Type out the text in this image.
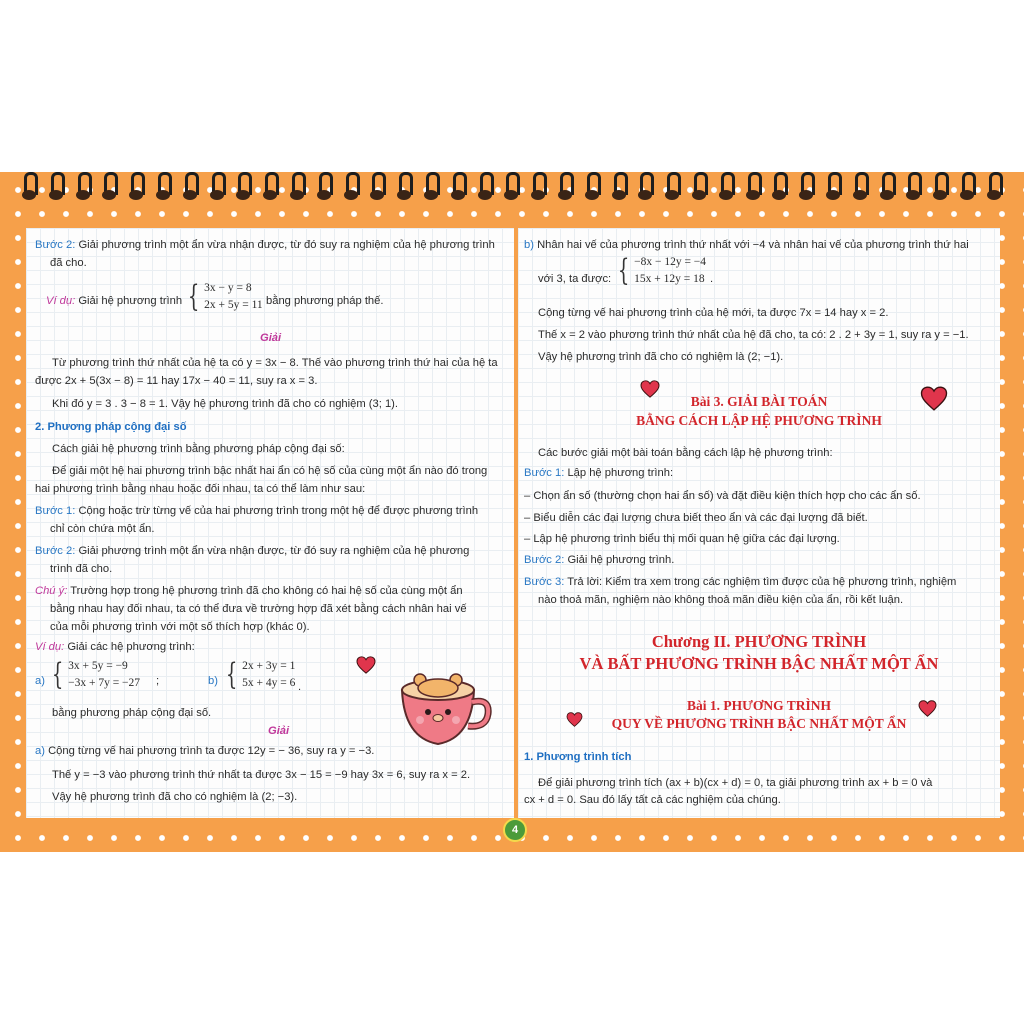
Bước 2: Giải phương trình một ẩn vừa nhận được, từ đó suy ra nghiệm của hệ phương trình
đã cho.
Ví dụ: Giải hệ phương trình { 3x − y = 8
2x + 5y = 11 bằng phương pháp thế.
Giải
Từ phương trình thứ nhất của hệ ta có y = 3x − 8. Thế vào phương trình thứ hai của hệ ta
được 2x + 5(3x − 8) = 11 hay 17x − 40 = 11, suy ra x = 3.
Khi đó y = 3 . 3 − 8 = 1. Vậy hệ phương trình đã cho có nghiệm (3; 1).
2. Phương pháp cộng đại số
Cách giải hệ phương trình bằng phương pháp cộng đại số:
Để giải một hệ hai phương trình bậc nhất hai ẩn có hệ số của cùng một ẩn nào đó trong
hai phương trình bằng nhau hoặc đối nhau, ta có thể làm như sau:
Bước 1: Cộng hoặc trừ từng vế của hai phương trình trong một hệ để được phương trình
chỉ còn chứa một ẩn.
Bước 2: Giải phương trình một ẩn vừa nhận được, từ đó suy ra nghiệm của hệ phương
trình đã cho.
Chú ý: Trường hợp trong hệ phương trình đã cho không có hai hệ số của cùng một ẩn
bằng nhau hay đối nhau, ta có thể đưa về trường hợp đã xét bằng cách nhân hai vế
của mỗi phương trình với một số thích hợp (khác 0).
Ví dụ: Giải các hệ phương trình:
a) { 3x + 5y = −9
−3x + 7y = −27 ;	b) { 2x + 3y = 1
5x + 4y = 6 .
bằng phương pháp cộng đại số.
Giải
a) Cộng từng vế hai phương trình ta được 12y = − 36, suy ra y = −3.
Thế y = −3 vào phương trình thứ nhất ta được 3x − 15 = −9 hay 3x = 6, suy ra x = 2.
Vậy hệ phương trình đã cho có nghiệm là (2; −3).
b) Nhân hai vế của phương trình thứ nhất với −4 và nhân hai vế của phương trình thứ hai
với 3, ta được: { −8x − 12y = −4
15x + 12y = 18 .
Cộng từng vế hai phương trình của hệ mới, ta được 7x = 14 hay x = 2.
Thế x = 2 vào phương trình thứ nhất của hệ đã cho, ta có: 2 . 2 + 3y = 1, suy ra y = −1.
Vậy hệ phương trình đã cho có nghiệm là (2; −1).
Bài 3. GIẢI BÀI TOÁN
BẰNG CÁCH LẬP HỆ PHƯƠNG TRÌNH
Các bước giải một bài toán bằng cách lập hệ phương trình:
Bước 1: Lập hệ phương trình:
– Chọn ẩn số (thường chọn hai ẩn số) và đặt điều kiện thích hợp cho các ẩn số.
– Biểu diễn các đại lượng chưa biết theo ẩn và các đại lượng đã biết.
– Lập hệ phương trình biểu thị mối quan hệ giữa các đại lượng.
Bước 2: Giải hệ phương trình.
Bước 3: Trả lời: Kiểm tra xem trong các nghiệm tìm được của hệ phương trình, nghiệm
nào thoả mãn, nghiệm nào không thoả mãn điều kiện của ẩn, rồi kết luận.
Chương II. PHƯƠNG TRÌNH
VÀ BẤT PHƯƠNG TRÌNH BẬC NHẤT MỘT ẨN
Bài 1. PHƯƠNG TRÌNH
QUY VỀ PHƯƠNG TRÌNH BẬC NHẤT MỘT ẨN
1. Phương trình tích
Để giải phương trình tích (ax + b)(cx + d) = 0, ta giải phương trình ax + b = 0 và
cx + d = 0. Sau đó lấy tất cả các nghiệm của chúng.
4
